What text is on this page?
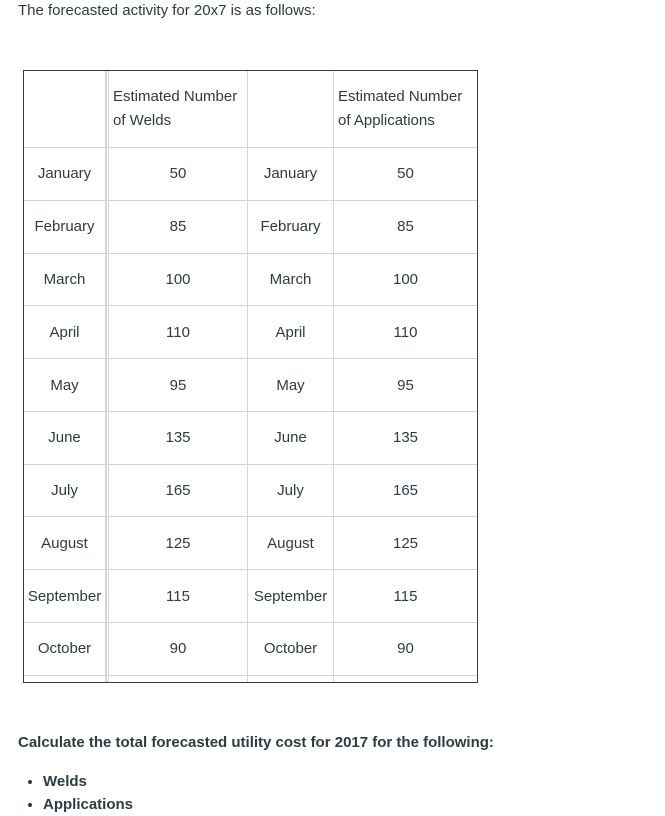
The forecasted activity for 20x7 is as follows:
	Estimated Number of Welds		Estimated Number of Applications
January	50	January	50
February	85	February	85
March	100	March	100
April	110	April	110
May	95	May	95
June	135	June	135
July	165	July	165
August	125	August	125
September	115	September	115
October	90	October	90

Calculate the total forecasted utility cost for 2017 for the following:
• Welds
• Applications
